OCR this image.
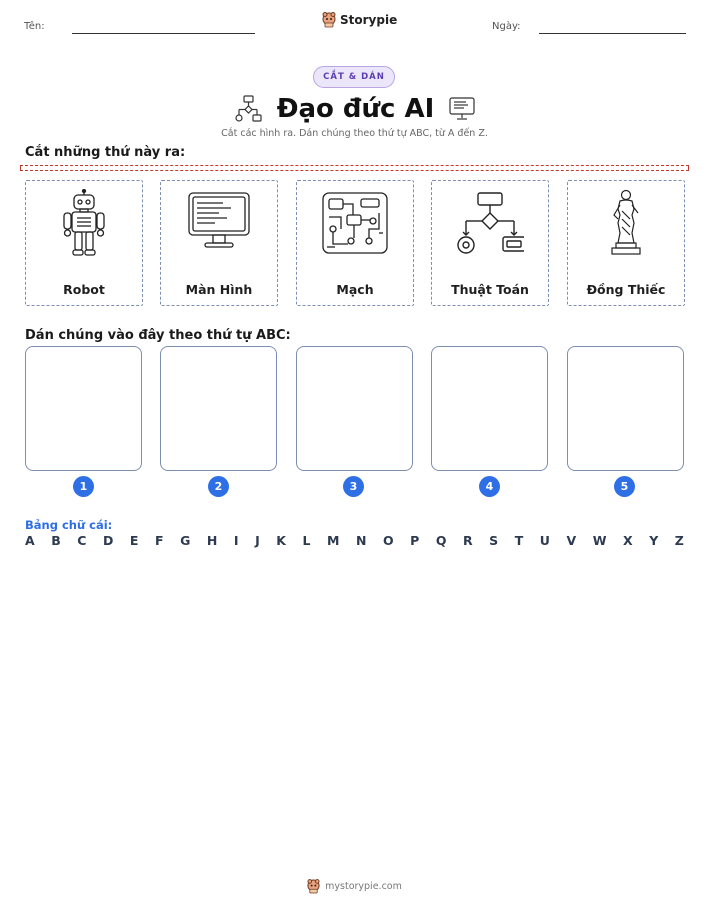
Tên:	Storypie	Ngày:
CẮT & DÁN
Đạo đức AI
Cắt các hình ra. Dán chúng theo thứ tự ABC, từ A đến Z.
Cắt những thứ này ra:
Robot	Màn Hình	Mạch	Thuật Toán	Đồng Thiếc
Dán chúng vào đây theo thứ tự ABC:
1	2	3	4	5
Bảng chữ cái:
A B C D E F G H I J K L M N O P Q R S T U V W X Y Z
mystorypie.com
